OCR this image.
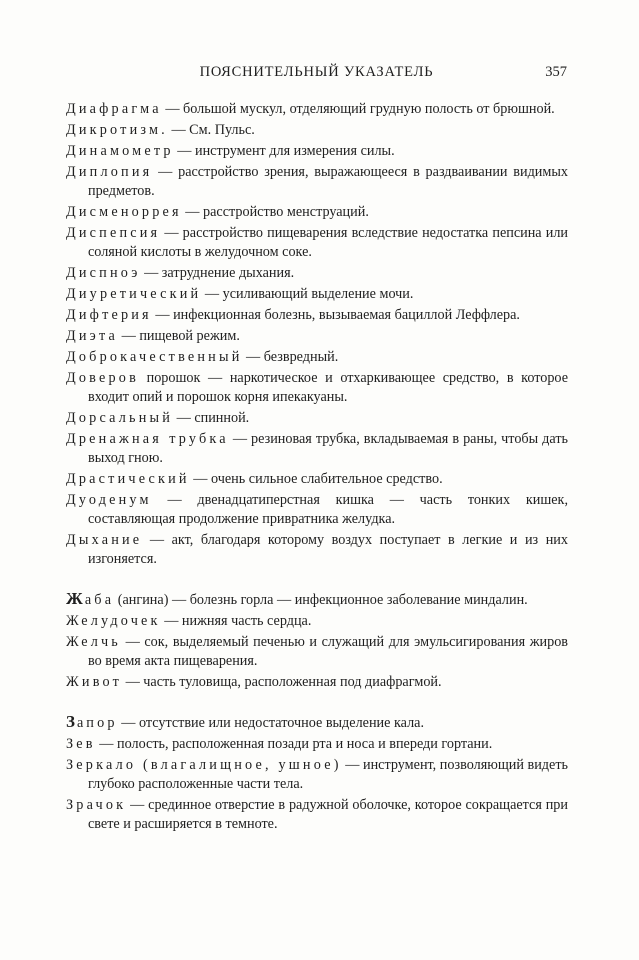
ПОЯСНИТЕЛЬНЫЙ УКАЗАТЕЛЬ	357

Диафрагма — большой мускул, отделяющий грудную полость от брюшной.

Дикротизм. — См. Пульс.

Динамометр — инструмент для измерения силы.

Диплопия — расстройство зрения, выражающееся в раздваивании видимых предметов.

Дисменоррея — расстройство менструаций.

Диспепсия — расстройство пищеварения вследствие недостатка пепсина или соляной кислоты в желудочном соке.

Диспноэ — затруднение дыхания.

Диуретический — усиливающий выделение мочи.

Дифтерия — инфекционная болезнь, вызываемая бациллой Леффлера.

Диэта — пищевой режим.

Доброкачественный — безвредный.

Доверов порошок — наркотическое и отхаркивающее средство, в которое входит опий и порошок корня ипекакуаны.

Дорсальный — спинной.

Дренажная трубка — резиновая трубка, вкладываемая в раны, чтобы дать выход гною.

Драстический — очень сильное слабительное средство.

Дуоденум — двенадцатиперстная кишка — часть тонких кишек, составляющая продолжение привратника желудка.

Дыхание — акт, благодаря которому воздух поступает в легкие и из них изгоняется.

Жаба (ангина) — болезнь горла — инфекционное заболевание миндалин.

Желудочек — нижняя часть сердца.

Желчь — сок, выделяемый печенью и служащий для эмульсигирования жиров во время акта пищеварения.

Живот — часть туловища, расположенная под диафрагмой.

Запор — отсутствие или недостаточное выделение кала.

Зев — полость, расположенная позади рта и носа и впереди гортани.

Зеркало (влагалищное, ушное) — инструмент, позволяющий видеть глубоко расположенные части тела.

Зрачок — срединное отверстие в радужной оболочке, которое сокращается при свете и расширяется в темноте.
